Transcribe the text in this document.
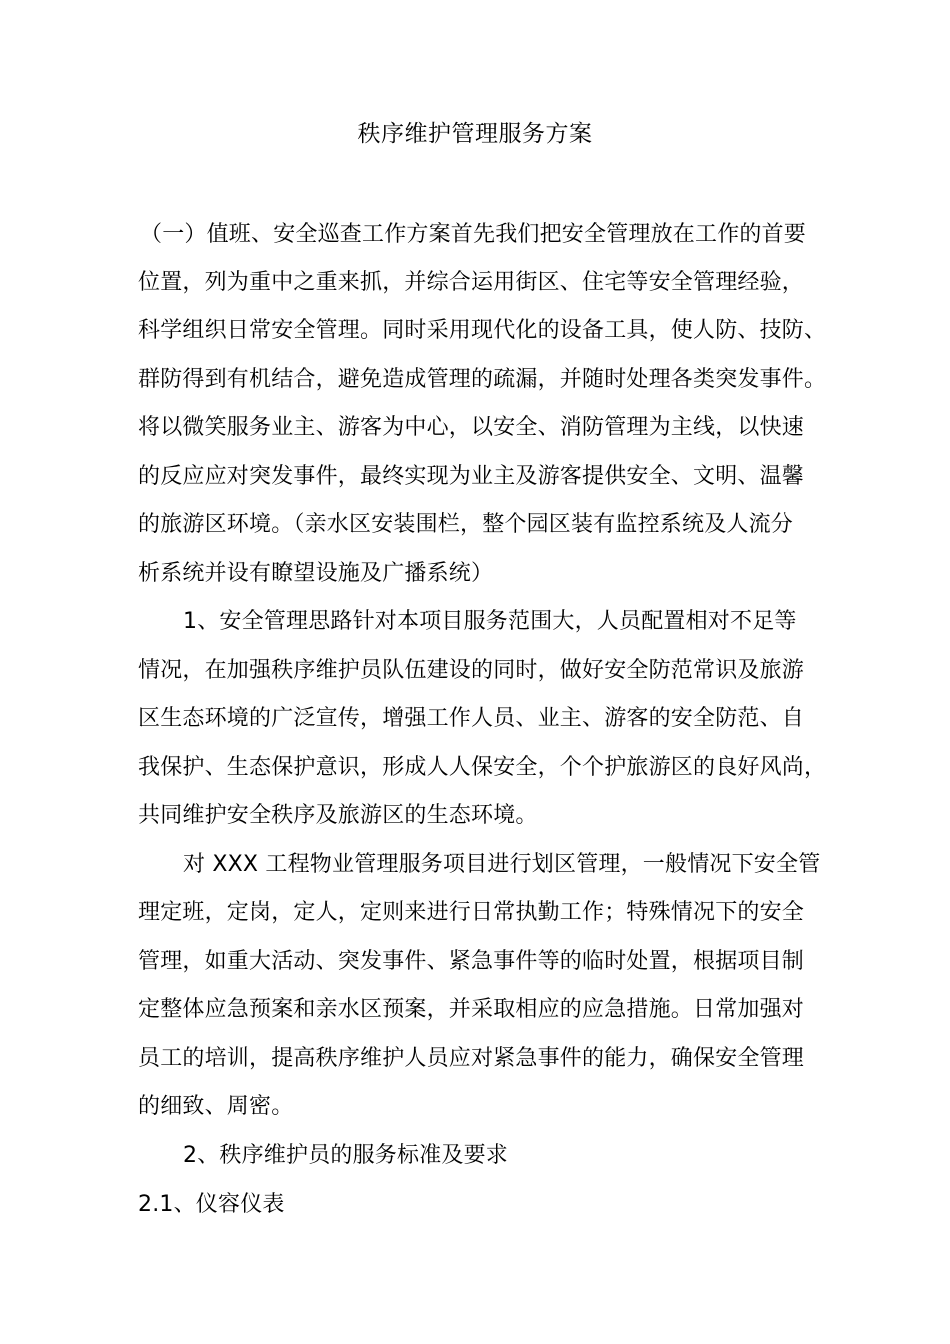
秩序维护管理服务方案
（一）值班、安全巡查工作方案首先我们把安全管理放在工作的首要
位置，列为重中之重来抓，并综合运用街区、住宅等安全管理经验，
科学组织日常安全管理。同时采用现代化的设备工具，使人防、技防、
群防得到有机结合，避免造成管理的疏漏，并随时处理各类突发事件。
将以微笑服务业主、游客为中心，以安全、消防管理为主线，以快速
的反应应对突发事件，最终实现为业主及游客提供安全、文明、温馨
的旅游区环境。（亲水区安装围栏，整个园区装有监控系统及人流分
析系统并设有瞭望设施及广播系统）
1、安全管理思路针对本项目服务范围大，人员配置相对不足等
情况，在加强秩序维护员队伍建设的同时，做好安全防范常识及旅游
区生态环境的广泛宣传，增强工作人员、业主、游客的安全防范、自
我保护、生态保护意识，形成人人保安全，个个护旅游区的良好风尚，
共同维护安全秩序及旅游区的生态环境。
对 XXX 工程物业管理服务项目进行划区管理，一般情况下安全管
理定班，定岗，定人，定则来进行日常执勤工作；特殊情况下的安全
管理，如重大活动、突发事件、紧急事件等的临时处置，根据项目制
定整体应急预案和亲水区预案，并采取相应的应急措施。日常加强对
员工的培训，提高秩序维护人员应对紧急事件的能力，确保安全管理
的细致、周密。
2、秩序维护员的服务标准及要求
2.1、仪容仪表
